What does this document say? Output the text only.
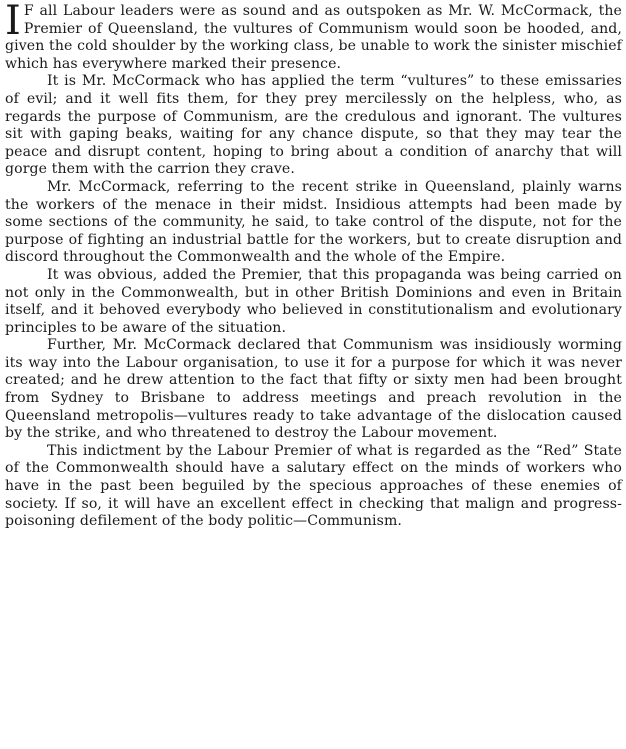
I F all Labour leaders were as sound and as outspoken as Mr. W. McCormack, the Premier of Queensland, the vultures of Communism would soon be hooded, and, given the cold shoulder by the working class, be unable to work the sinister mischief which has everywhere marked their presence.

It is Mr. McCormack who has applied the term “vultures” to these emissaries of evil; and it well fits them, for they prey mercilessly on the helpless, who, as regards the purpose of Communism, are the credulous and ignorant. The vultures sit with gaping beaks, waiting for any chance dispute, so that they may tear the peace and disrupt content, hoping to bring about a condition of anarchy that will gorge them with the carrion they crave.

Mr. McCormack, referring to the recent strike in Queensland, plainly warns the workers of the menace in their midst. Insidious attempts had been made by some sections of the community, he said, to take control of the dispute, not for the purpose of fighting an industrial battle for the workers, but to create disruption and discord throughout the Commonwealth and the whole of the Empire.

It was obvious, added the Premier, that this propaganda was being carried on not only in the Commonwealth, but in other British Dominions and even in Britain itself, and it behoved everybody who believed in constitutionalism and evolutionary principles to be aware of the situation.

Further, Mr. McCormack declared that Communism was insidiously worming its way into the Labour organisation, to use it for a purpose for which it was never created; and he drew attention to the fact that fifty or sixty men had been brought from Sydney to Brisbane to address meetings and preach revolution in the Queensland metropolis—vultures ready to take advantage of the dislocation caused by the strike, and who threatened to destroy the Labour movement.

This indictment by the Labour Premier of what is regarded as the “Red” State of the Commonwealth should have a salutary effect on the minds of workers who have in the past been beguiled by the specious approaches of these enemies of society. If so, it will have an excellent effect in checking that malign and progress-poisoning defilement of the body politic—Communism.
